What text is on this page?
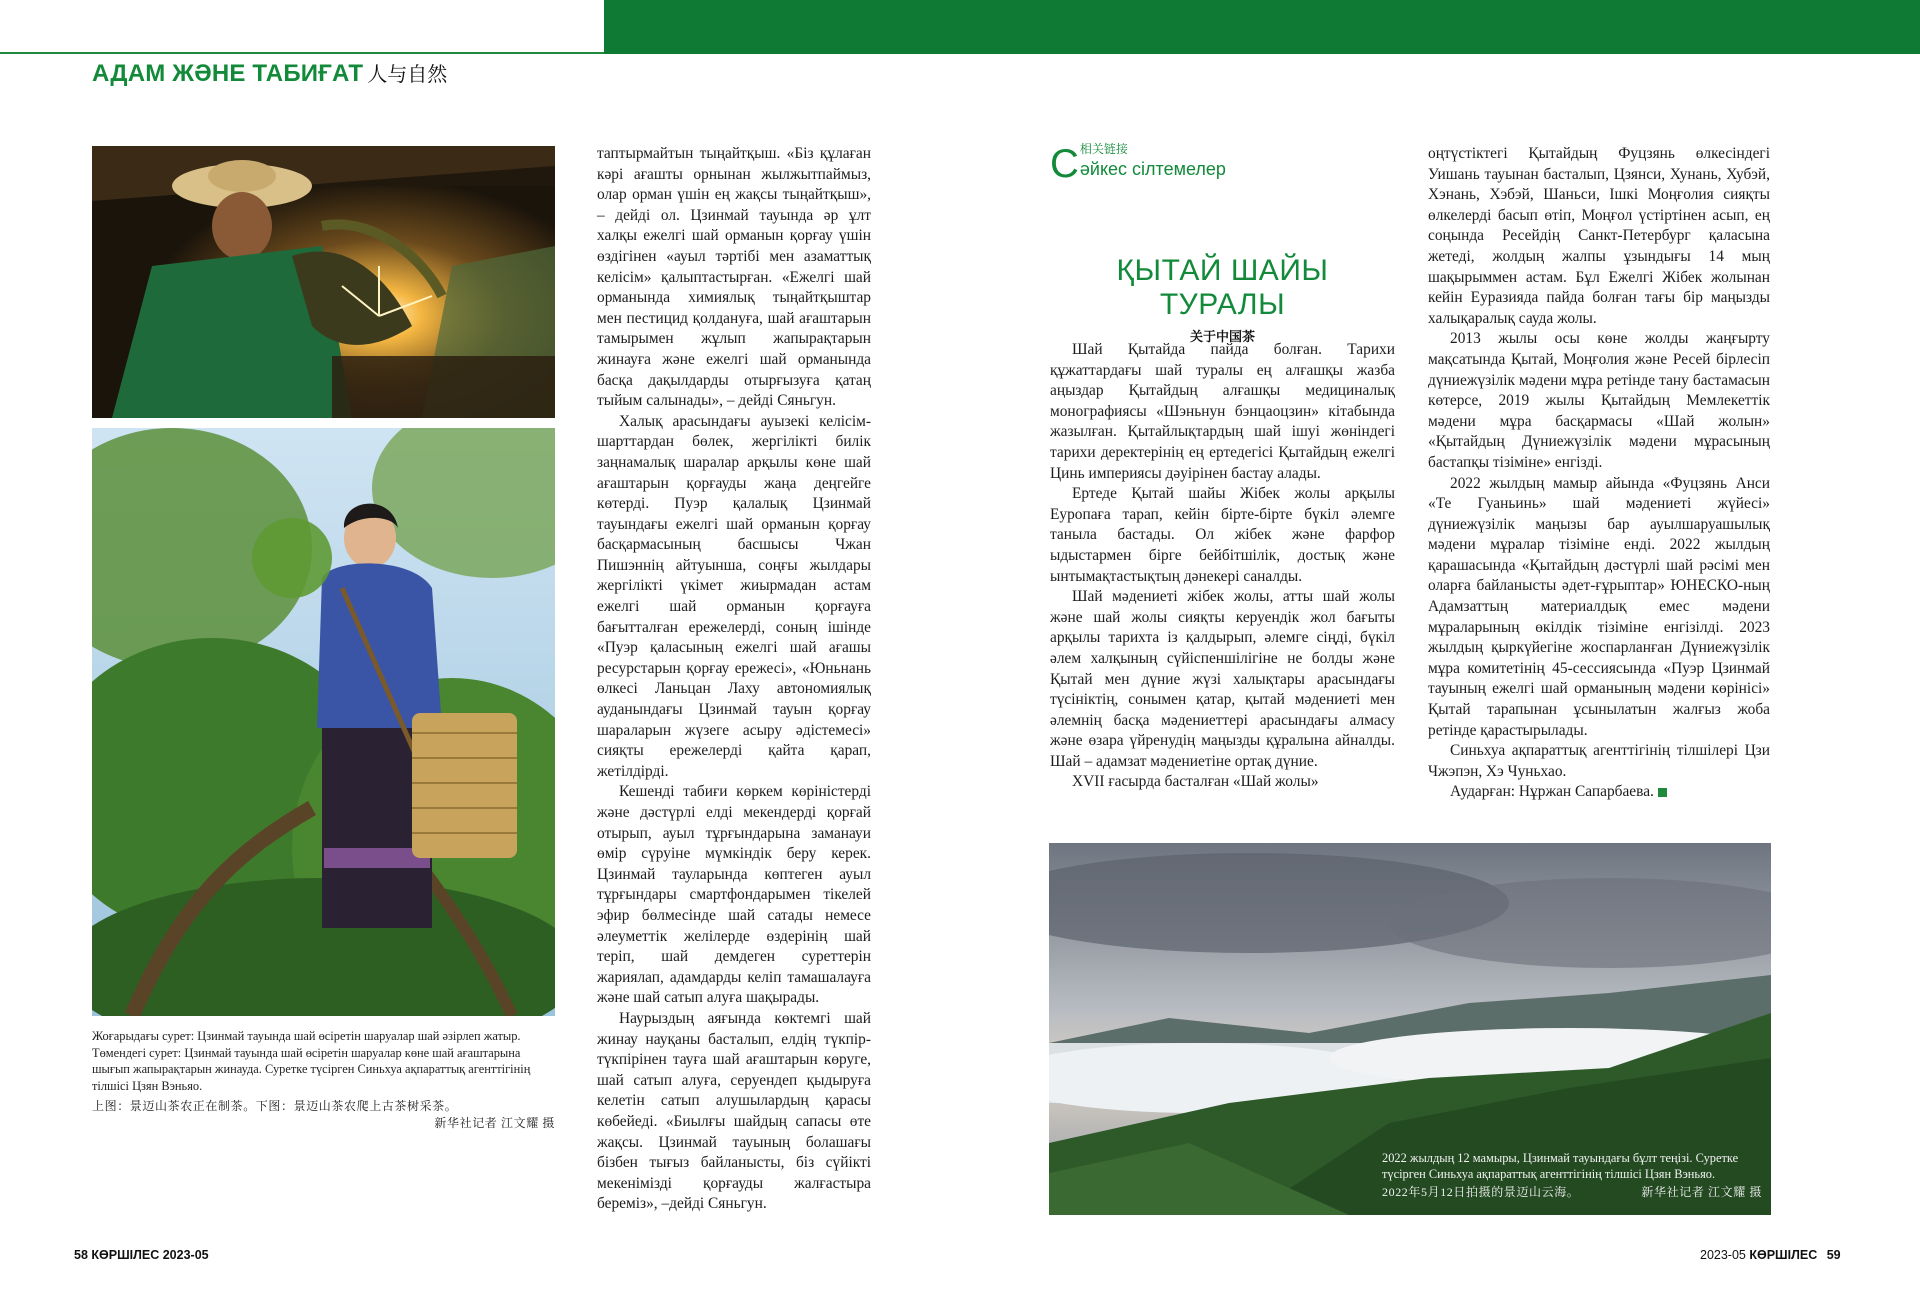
АДАМ ЖӘНЕ ТАБИҒАТ 人与自然

Жоғарыдағы сурет: Цзинмай тауында шай өсіретін шаруалар шай әзірлеп жатыр.

Төмендегі сурет: Цзинмай тауында шай өсіретін шаруалар көне шай ағаштарына шығып жапырақтарын жинауда. Суретке түсірген Синьхуа ақпараттық агенттігінің тілшісі Цзян Вэньяо.

上图：景迈山茶农正在制茶。下图：景迈山茶农爬上古茶树采茶。

新华社记者 江文耀 摄

таптырмайтын тыңайтқыш. «Біз құлаған кәрі ағашты орнынан жылжытпаймыз, олар орман үшін ең жақсы тыңайтқыш», – дейді ол. Цзинмай тауында әр ұлт халқы ежелгі шай орманын қорғау үшін өздігінен «ауыл тәртібі мен азаматтық келісім» қалыптастырған. «Ежелгі шай орманында химиялық тыңайтқыштар мен пестицид қолдануға, шай ағаштарын тамырымен жұлып жапырақтарын жинауға және ежелгі шай орманында басқа дақылдарды отырғызуға қатаң тыйым салынады», – дейді Сяньгун.

Халық арасындағы ауызекі келісім-шарттардан бөлек, жергілікті билік заңнамалық шаралар арқылы көне шай ағаштарын қорғауды жаңа деңгейге көтерді. Пуэр қалалық Цзинмай тауындағы ежелгі шай орманын қорғау басқармасының басшысы Чжан Пишэннің айтуынша, соңғы жылдары жергілікті үкімет жиырмадан астам ежелгі шай орманын қорғауға бағытталған ережелерді, соның ішінде «Пуэр қаласының ежелгі шай ағашы ресурстарын қорғау ережесі», «Юньнань өлкесі Ланьцан Лаху автономиялық ауданындағы Цзинмай тауын қорғау шараларын жүзеге асыру әдістемесі» сияқты ережелерді қайта қарап, жетілдірді.

Кешенді табиғи көркем көріністерді және дәстүрлі елді мекендерді қорғай отырып, ауыл тұрғындарына заманауи өмір сүруіне мүмкіндік беру керек. Цзинмай тауларында көптеген ауыл тұрғындары смартфондарымен тікелей эфир бөлмесінде шай сатады немесе әлеуметтік желілерде өздерінің шай теріп, шай демдеген суреттерін жариялап, адамдарды келіп тамашалауға және шай сатып алуға шақырады.

Наурыздың аяғында көктемгі шай жинау науқаны басталып, елдің түкпір-түкпірінен тауға шай ағаштарын көруге, шай сатып алуға, серуендеп қыдыруға келетін сатып алушылардың қарасы көбейеді. «Биылғы шайдың сапасы өте жақсы. Цзинмай тауының болашағы бізбен тығыз байланысты, біз сүйікті мекенімізді қорғауды жалғастыра береміз», –дейді Сяньгун.

С 相关链接
әйкес сілтемелер
ҚЫТАЙ ШАЙЫ ТУРАЛЫ
关于中国茶

Шай Қытайда пайда болған. Тарихи құжаттардағы шай туралы ең алғашқы жазба аңыздар Қытайдың алғашқы медициналық монографиясы «Шэньнун бэнцаоцзин» кітабында жазылған. Қытайлықтардың шай ішуі жөніндегі тарихи деректерінің ең ертедегісі Қытайдың ежелгі Цинь империясы дәуірінен бастау алады.

Ертеде Қытай шайы Жібек жолы арқылы Еуропаға тарап, кейін бірте-бірте бүкіл әлемге таныла бастады. Ол жібек және фарфор ыдыстармен бірге бейбітшілік, достық және ынтымақтастықтың дәнекері саналды.

Шай мәдениеті жібек жолы, атты шай жолы және шай жолы сияқты керуендік жол бағыты арқылы тарихта із қалдырып, әлемге сіңді, бүкіл әлем халқының сүйіспеншілігіне не болды және Қытай мен дүние жүзі халықтары арасындағы түсініктің, сонымен қатар, қытай мәдениеті мен әлемнің басқа мәдениеттері арасындағы алмасу және өзара үйренудің маңызды құралына айналды. Шай – адамзат мәдениетіне ортақ дүние.

XVII ғасырда басталған «Шай жолы»

оңтүстіктегі Қытайдың Фуцзянь өлкесіндегі Уишань тауынан басталып, Цзянси, Хунань, Хубэй, Хэнань, Хэбэй, Шаньси, Ішкі Моңғолия сияқты өлкелерді басып өтіп, Моңғол үстіртінен асып, ең соңында Ресейдің Санкт-Петербург қаласына жетеді, жолдың жалпы ұзындығы 14 мың шақырыммен астам. Бұл Ежелгі Жібек жолынан кейін Еуразияда пайда болған тағы бір маңызды халықаралық сауда жолы.

2013 жылы осы көне жолды жаңғырту мақсатында Қытай, Моңғолия және Ресей бірлесіп дүниежүзілік мәдени мұра ретінде тану бастамасын көтерсе, 2019 жылы Қытайдың Мемлекеттік мәдени мұра басқармасы «Шай жолын» «Қытайдың Дүниежүзілік мәдени мұрасының бастапқы тізіміне» енгізді.

2022 жылдың мамыр айында «Фуцзянь Анси «Те Гуаньинь» шай мәдениеті жүйесі» дүниежүзілік маңызы бар ауылшаруашылық мәдени мұралар тізіміне енді. 2022 жылдың қарашасында «Қытайдың дәстүрлі шай рәсімі мен оларға байланысты әдет-ғұрыптар» ЮНЕСКО-ның Адамзаттың материалдық емес мәдени мұраларының өкілдік тізіміне енгізілді. 2023 жылдың қыркүйегіне жоспарланған Дүниежүзілік мұра комитетінің 45-сессиясында «Пуэр Цзинмай тауының ежелгі шай орманының мәдени көрінісі» Қытай тарапынан ұсынылатын жалғыз жоба ретінде қарастырылады.

Синьхуа ақпараттық агенттігінің тілшілері Цзи Чжэпэн, Хэ Чуньхао.

Аударған: Нұржан Сапарбаева.

2022 жылдың 12 мамыры, Цзинмай тауындағы бұлт теңізі. Суретке түсірген Синьхуа ақпараттық агенттігінің тілшісі Цзян Вэньяо.

2022年5月12日拍摄的景迈山云海。	新华社记者 江文耀 摄
58 КӨРШІЛЕС 2023-05	2023-05 КӨРШІЛЕС 59
